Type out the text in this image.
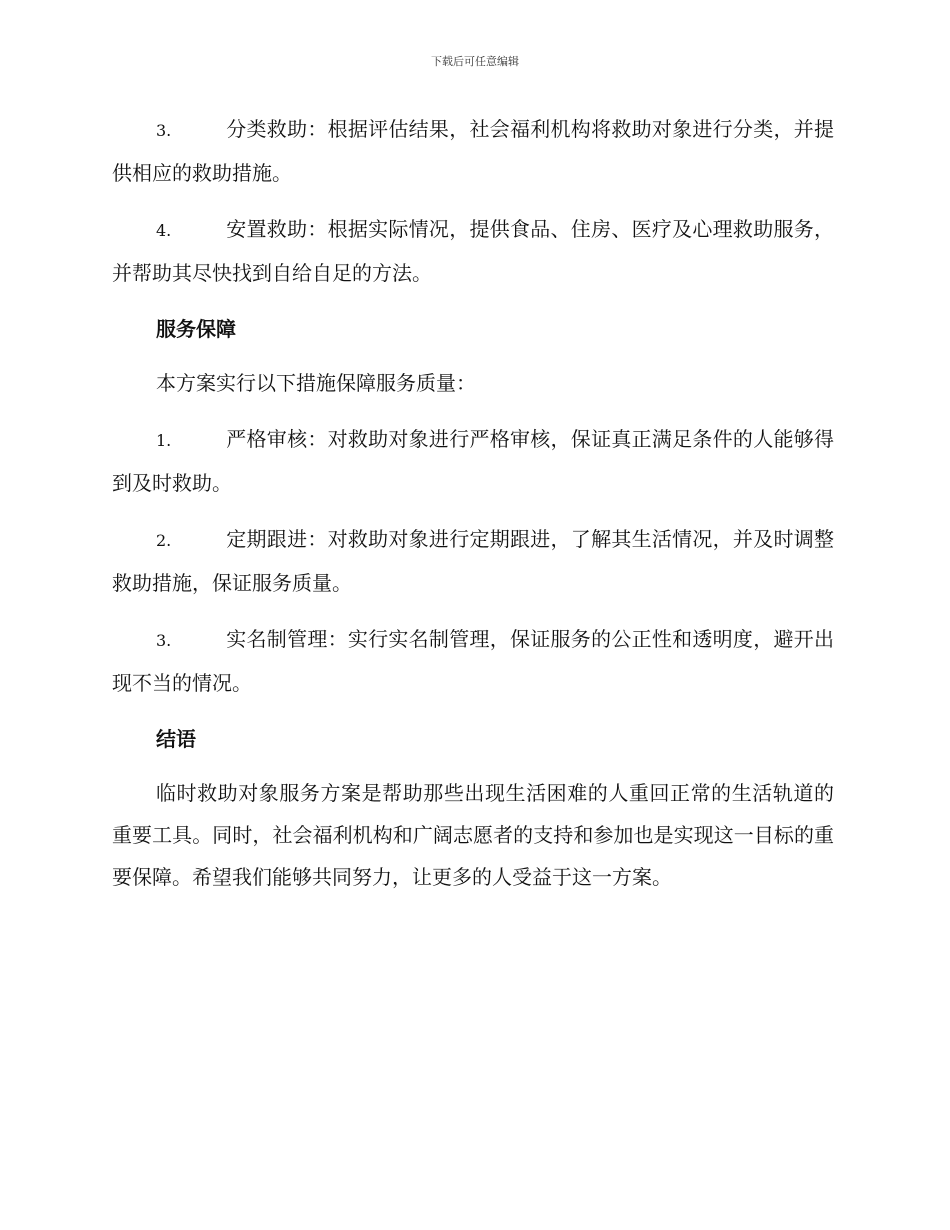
下载后可任意编辑

3.	分类救助：根据评估结果，社会福利机构将救助对象进行分类，并提供相应的救助措施。

4.	安置救助：根据实际情况，提供食品、住房、医疗及心理救助服务，并帮助其尽快找到自给自足的方法。

服务保障

本方案实行以下措施保障服务质量：

1.	严格审核：对救助对象进行严格审核，保证真正满足条件的人能够得到及时救助。

2.	定期跟进：对救助对象进行定期跟进，了解其生活情况，并及时调整救助措施，保证服务质量。

3.	实名制管理：实行实名制管理，保证服务的公正性和透明度，避开出现不当的情况。

结语

临时救助对象服务方案是帮助那些出现生活困难的人重回正常的生活轨道的重要工具。同时，社会福利机构和广阔志愿者的支持和参加也是实现这一目标的重要保障。希望我们能够共同努力，让更多的人受益于这一方案。
